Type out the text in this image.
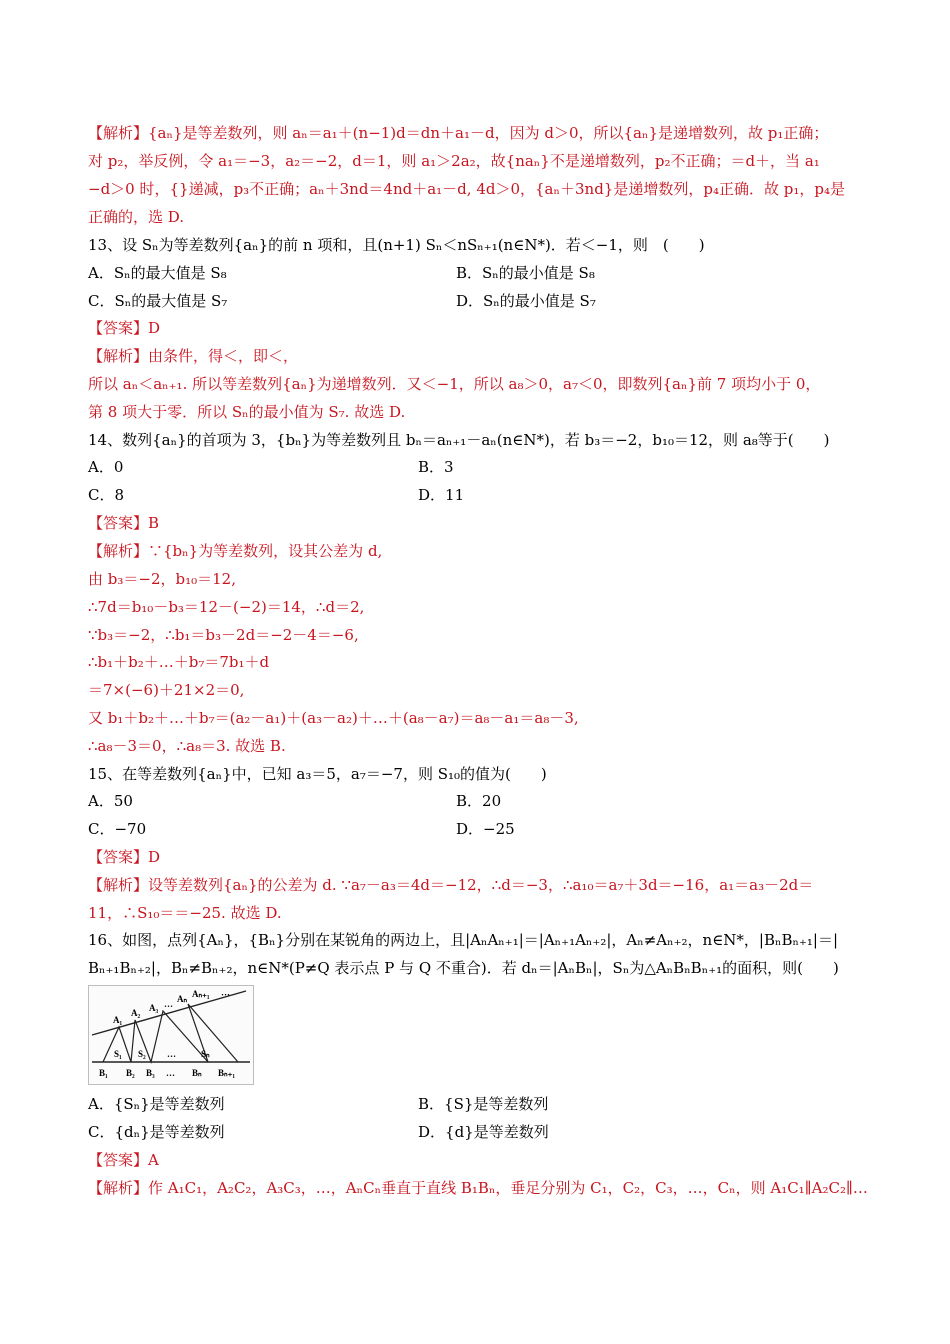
【解析】{aₙ}是等差数列，则 aₙ＝a₁＋(n−1)d＝dn＋a₁－d，因为 d＞0，所以{aₙ}是递增数列，故 p₁正确；
对 p₂，举反例，令 a₁＝−3，a₂＝−2，d＝1，则 a₁＞2a₂，故{naₙ}不是递增数列，p₂不正确；＝d＋，当 a₁
−d＞0 时，{}递减，p₃不正确；aₙ＋3nd＝4nd＋a₁－d, 4d＞0，{aₙ＋3nd}是递增数列，p₄正确．故 p₁，p₄是
正确的，选 D.
13、设 Sₙ为等差数列{aₙ}的前 n 项和，且(n+1) Sₙ＜nSₙ₊₁(n∈N*)．若＜−1，则　(　　)
A．Sₙ的最大值是 S₈	B．Sₙ的最小值是 S₈
C．Sₙ的最大值是 S₇	D．Sₙ的最小值是 S₇
【答案】D
【解析】由条件，得＜，即＜，
所以 aₙ＜aₙ₊₁. 所以等差数列{aₙ}为递增数列．又＜−1，所以 a₈＞0，a₇＜0，即数列{aₙ}前 7 项均小于 0，
第 8 项大于零．所以 Sₙ的最小值为 S₇. 故选 D.
14、数列{aₙ}的首项为 3，{bₙ}为等差数列且 bₙ＝aₙ₊₁－aₙ(n∈N*)，若 b₃＝−2，b₁₀＝12，则 a₈等于(　　)
A．0	B．3
C．8	D．11
【答案】B
【解析】∵{bₙ}为等差数列，设其公差为 d,
由 b₃＝−2，b₁₀＝12,
∴7d＝b₁₀－b₃＝12－(−2)＝14，∴d＝2,
∵b₃＝−2，∴b₁＝b₃－2d＝−2－4＝−6,
∴b₁＋b₂＋…＋b₇＝7b₁＋d
＝7×(−6)＋21×2＝0,
又 b₁＋b₂＋…＋b₇＝(a₂－a₁)＋(a₃－a₂)＋…＋(a₈－a₇)＝a₈－a₁＝a₈－3,
∴a₈－3＝0，∴a₈＝3. 故选 B.
15、在等差数列{aₙ}中，已知 a₃＝5，a₇＝−7，则 S₁₀的值为(　　)
A．50	B．20
C．−70	D．−25
【答案】D
【解析】设等差数列{aₙ}的公差为 d. ∵a₇－a₃＝4d＝−12，∴d＝−3，∴a₁₀＝a₇＋3d＝−16，a₁＝a₃－2d＝
11，∴S₁₀＝＝−25. 故选 D.
16、如图，点列{Aₙ}，{Bₙ}分别在某锐角的两边上，且|AₙAₙ₊₁|＝|Aₙ₊₁Aₙ₊₂|，Aₙ≠Aₙ₊₂，n∈N*，|BₙBₙ₊₁|＝|
Bₙ₊₁Bₙ₊₂|，Bₙ≠Bₙ₊₂，n∈N*(P≠Q 表示点 P 与 Q 不重合)．若 dₙ＝|AₙBₙ|，Sₙ为△AₙBₙBₙ₊₁的面积，则(　　)
A₁
A₂ A₃ … Aₙ Aₙ₊₁ ···
S₁ S₂ …	Sₙ
B₁ B₂ B₃ … Bₙ Bₙ₊₁
A．{Sₙ}是等差数列	B．{S}是等差数列
C．{dₙ}是等差数列	D．{d}是等差数列
【答案】A
【解析】作 A₁C₁，A₂C₂，A₃C₃，…，AₙCₙ垂直于直线 B₁Bₙ，垂足分别为 C₁，C₂，C₃，…，Cₙ，则 A₁C₁∥A₂C₂∥…
